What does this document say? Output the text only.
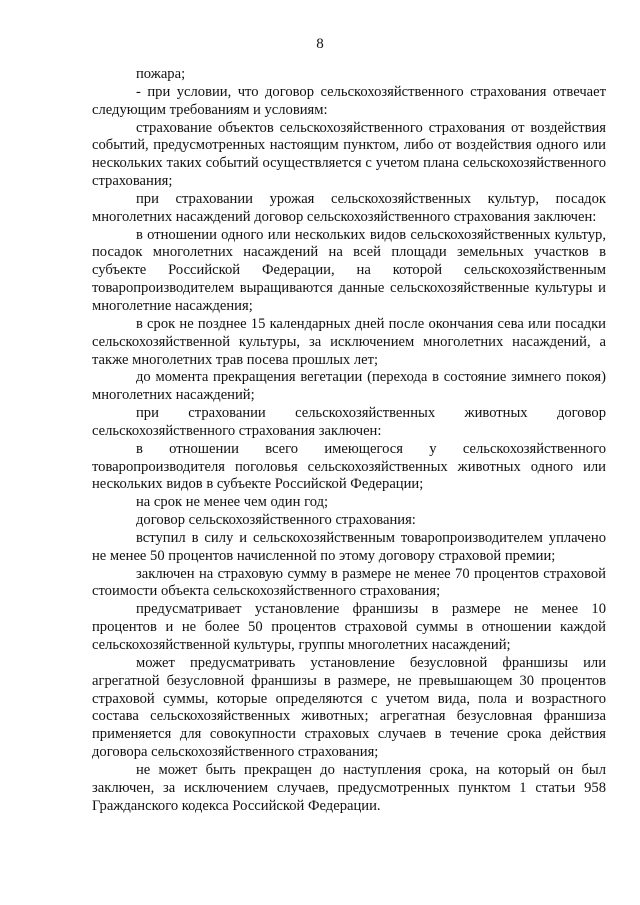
8

пожара;

- при условии, что договор сельскохозяйственного страхования отвечает следующим требованиям и условиям:

страхование объектов сельскохозяйственного страхования от воздействия событий, предусмотренных настоящим пунктом, либо от воздействия одного или нескольких таких событий осуществляется с учетом плана сельскохозяйственного страхования;

при страховании урожая сельскохозяйственных культур, посадок многолетних насаждений договор сельскохозяйственного страхования заключен:

в отношении одного или нескольких видов сельскохозяйственных культур, посадок многолетних насаждений на всей площади земельных участков в субъекте Российской Федерации, на которой сельскохозяйственным товаропроизводителем выращиваются данные сельскохозяйственные культуры и многолетние насаждения;

в срок не позднее 15 календарных дней после окончания сева или посадки сельскохозяйственной культуры, за исключением многолетних насаждений, а также многолетних трав посева прошлых лет;

до момента прекращения вегетации (перехода в состояние зимнего покоя) многолетних насаждений;

при страховании сельскохозяйственных животных договор сельскохозяйственного страхования заключен:

в отношении всего имеющегося у сельскохозяйственного товаропроизводителя поголовья сельскохозяйственных животных одного или нескольких видов в субъекте Российской Федерации;

на срок не менее чем один год;

договор сельскохозяйственного страхования:

вступил в силу и сельскохозяйственным товаропроизводителем уплачено не менее 50 процентов начисленной по этому договору страховой премии;

заключен на страховую сумму в размере не менее 70 процентов страховой стоимости объекта сельскохозяйственного страхования;

предусматривает установление франшизы в размере не менее 10 процентов и не более 50 процентов страховой суммы в отношении каждой сельскохозяйственной культуры, группы многолетних насаждений;

может предусматривать установление безусловной франшизы или агрегатной безусловной франшизы в размере, не превышающем 30 процентов страховой суммы, которые определяются с учетом вида, пола и возрастного состава сельскохозяйственных животных; агрегатная безусловная франшиза применяется для совокупности страховых случаев в течение срока действия договора сельскохозяйственного страхования;

не может быть прекращен до наступления срока, на который он был заключен, за исключением случаев, предусмотренных пунктом 1 статьи 958 Гражданского кодекса Российской Федерации.
